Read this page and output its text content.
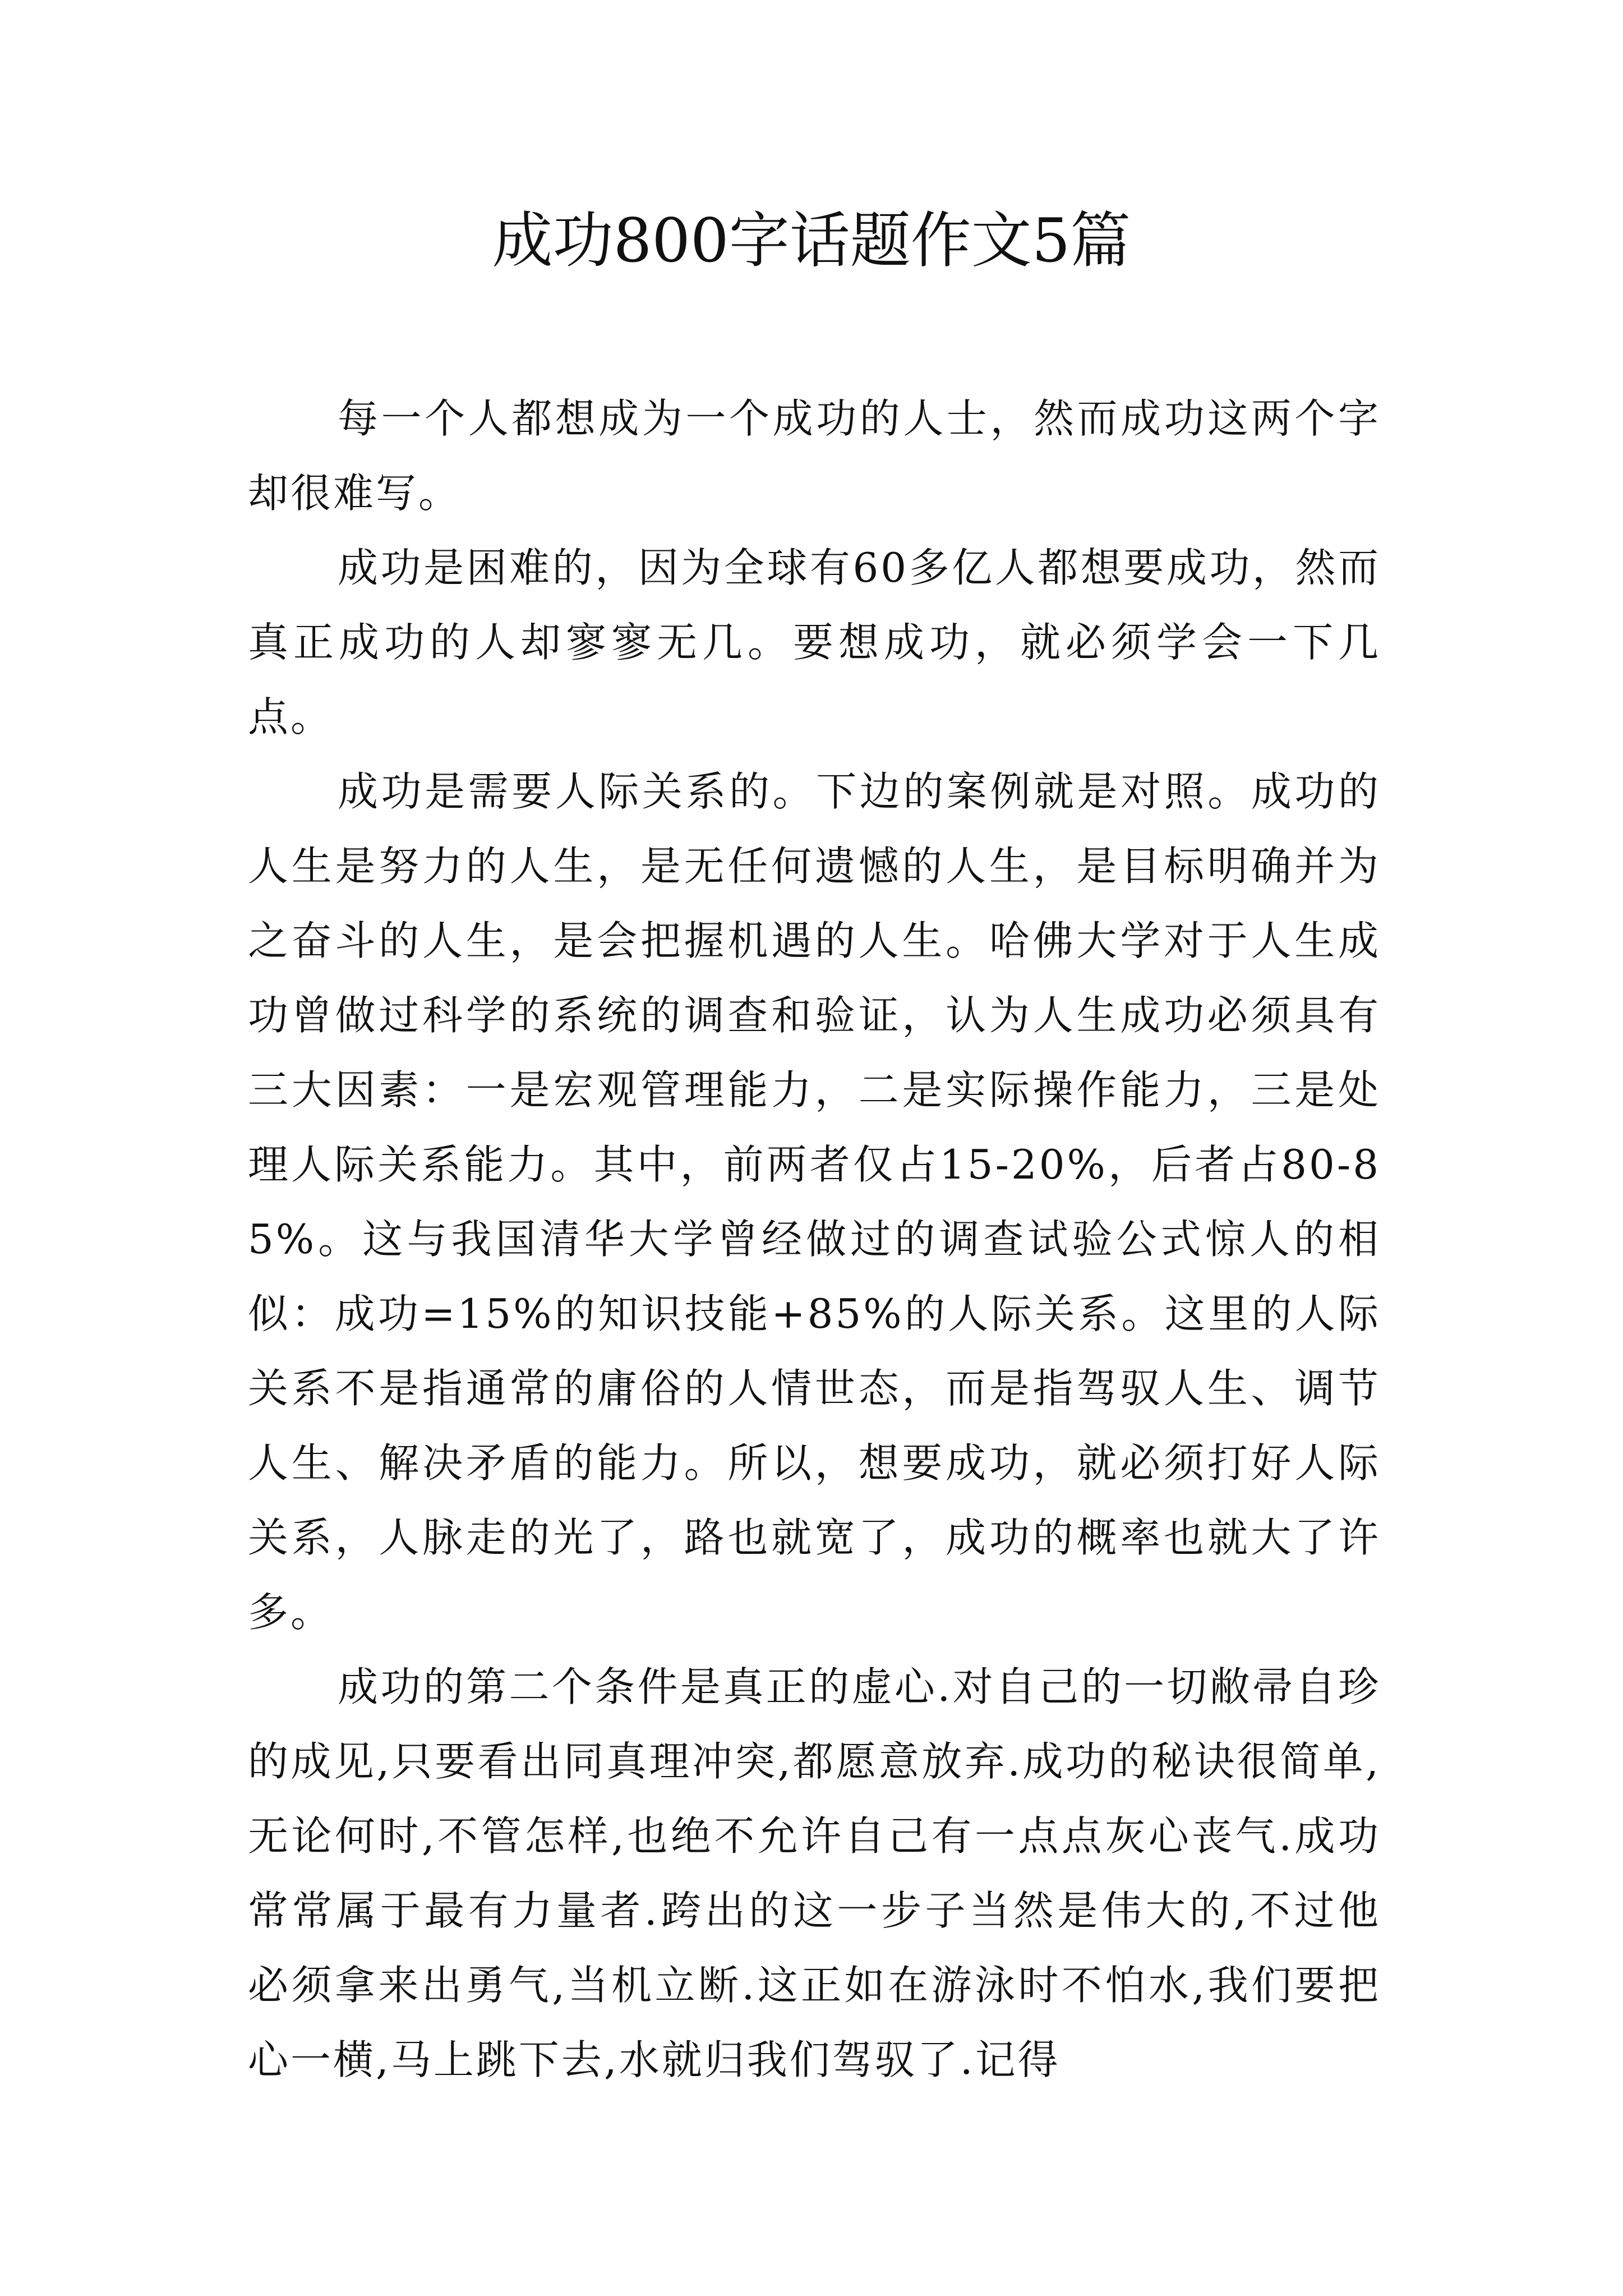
成功800字话题作文5篇

每一个人都想成为一个成功的人士，然而成功这两个字却很难写。

成功是困难的，因为全球有60多亿人都想要成功，然而真正成功的人却寥寥无几。要想成功，就必须学会一下几点。

成功是需要人际关系的。下边的案例就是对照。成功的人生是努力的人生，是无任何遗憾的人生，是目标明确并为之奋斗的人生，是会把握机遇的人生。哈佛大学对于人生成功曾做过科学的系统的调查和验证，认为人生成功必须具有三大因素：一是宏观管理能力，二是实际操作能力，三是处理人际关系能力。其中，前两者仅占15-20%，后者占80-85%。这与我国清华大学曾经做过的调查试验公式惊人的相似：成功=15%的知识技能+85%的人际关系。这里的人际关系不是指通常的庸俗的人情世态，而是指驾驭人生、调节人生、解决矛盾的能力。所以，想要成功，就必须打好人际关系，人脉走的光了，路也就宽了，成功的概率也就大了许多。

成功的第二个条件是真正的虚心.对自己的一切敝帚自珍的成见,只要看出同真理冲突,都愿意放弃.成功的秘诀很简单,无论何时,不管怎样,也绝不允许自己有一点点灰心丧气.成功常常属于最有力量者.跨出的这一步子当然是伟大的,不过他必须拿来出勇气,当机立断.这正如在游泳时不怕水,我们要把心一横,马上跳下去,水就归我们驾驭了.记得
